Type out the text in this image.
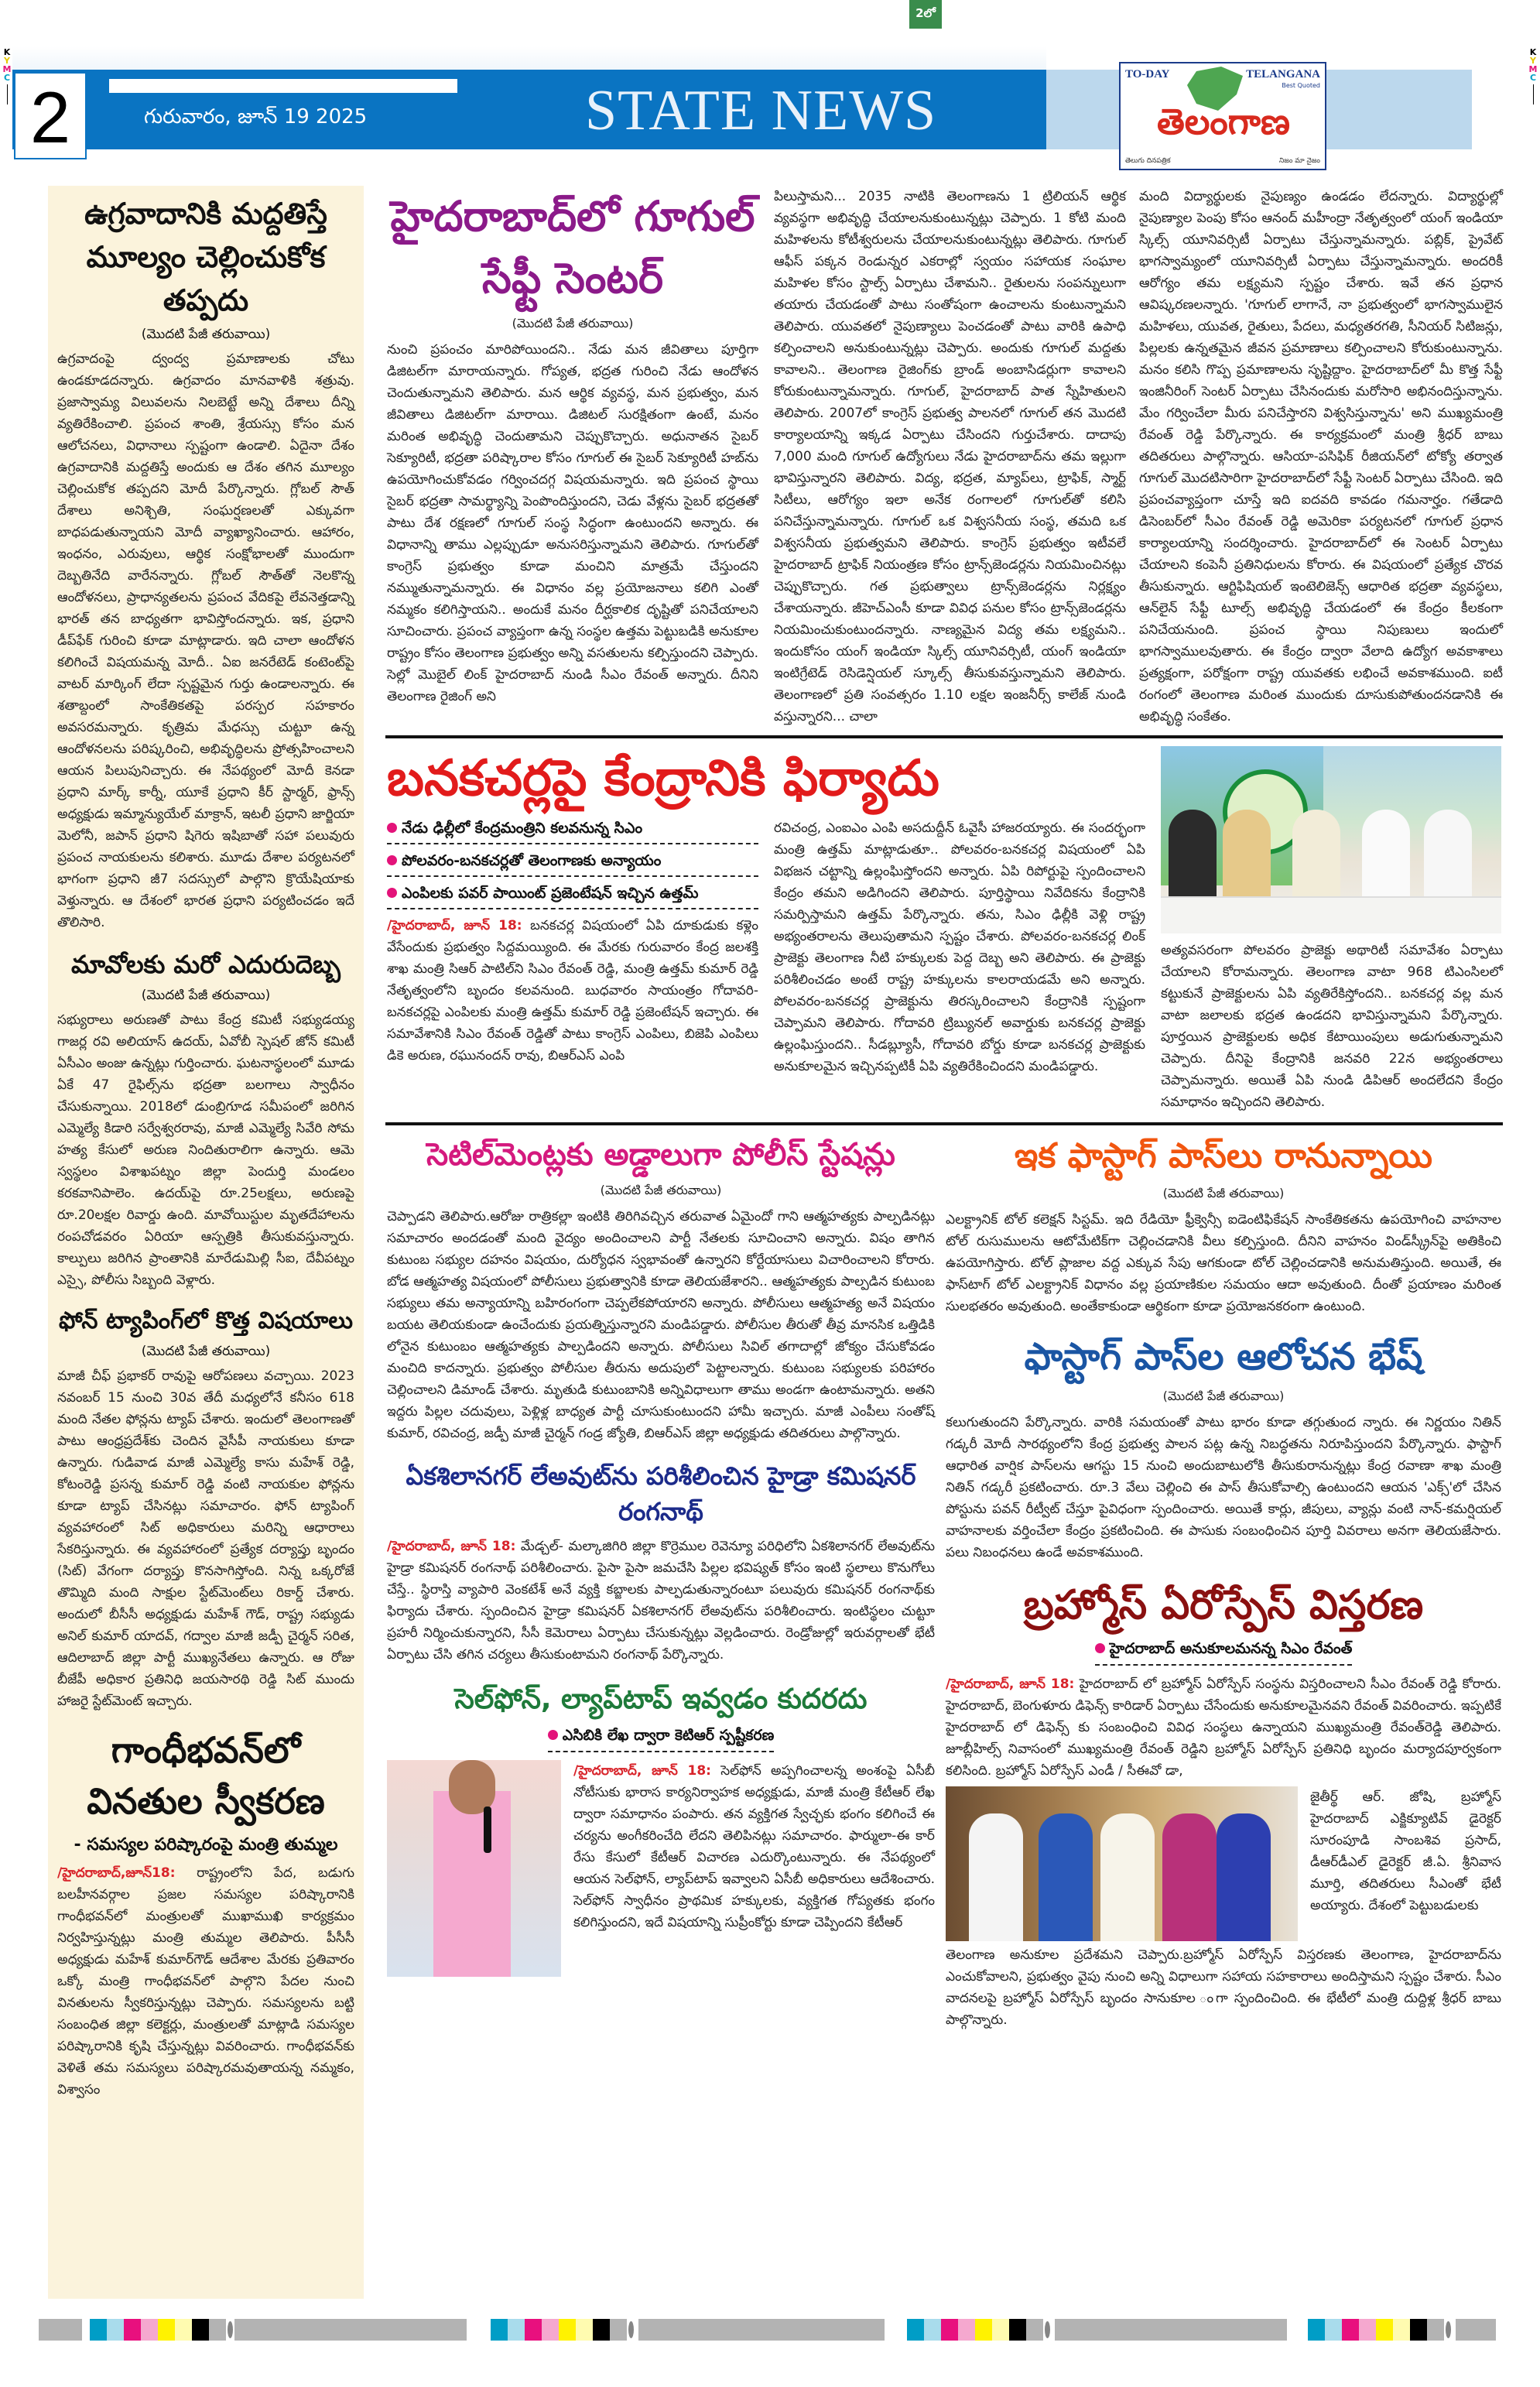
2లో
K
Y
M
C
K
Y
M
C
2	గురువారం, జూన్ 19 2025	STATE NEWS
TO-DAY	TELANGANA
Best Quoted
తెలంగాణ
తెలుగు దినపత్రిక	నిజం మా నైజం
ఉగ్రవాదానికి మద్దతిస్తే మూల్యం చెల్లించుకోక తప్పదు
(మొదటి పేజీ తరువాయి)

ఉగ్రవాదంపై ద్వంద్వ ప్రమాణాలకు చోటు ఉండకూడదన్నారు. ఉగ్రవాదం మానవాళికి శత్రువు. ప్రజాస్వామ్య విలువలను నిలబెట్టే అన్ని దేశాలు దీన్ని వ్యతిరేకించాలి. ప్రపంచ శాంతి, శ్రేయస్సు కోసం మన ఆలోచనలు, విధానాలు స్పష్టంగా ఉండాలి. ఏదైనా దేశం ఉగ్రవాదానికి మద్దతిస్తే అందుకు ఆ దేశం తగిన మూల్యం చెల్లించుకోక తప్పదని మోదీ పేర్కొన్నారు. గ్లోబల్ సౌత్ దేశాలు అనిశ్చితి, సంఘర్షణలతో ఎక్కువగా బాధపడుతున్నాయని మోదీ వ్యాఖ్యానించారు. ఆహారం, ఇంధనం, ఎరువులు, ఆర్థిక సంక్షోభాలతో ముందుగా దెబ్బతినేది వారేనన్నారు. గ్లోబల్ సౌత్‌తో నెలకొన్న ఆందోళనలు, ప్రాధాన్యతలను ప్రపంచ వేదికపై లేవనెత్తడాన్ని భారత్ తన బాధ్యతగా భావిస్తోందన్నారు. ఇక, ప్రధాని డీప్‌ఫేక్ గురించి కూడా మాట్లాడారు. ఇది చాలా ఆందోళన కలిగించే విషయమన్న మోదీ.. ఏఐ జనరేటెడ్ కంటెంట్‌పై వాటర్ మార్కింగ్ లేదా స్పష్టమైన గుర్తు ఉండాలన్నారు. ఈ శతాబ్దంలో సాంకేతికతపై పరస్పర సహకారం అవసరమన్నారు. కృత్రిమ మేధస్సు చుట్టూ ఉన్న ఆందోళనలను పరిష్కరించి, అభివృద్ధిలను ప్రోత్సహించాలని ఆయన పిలుపునిచ్చారు. ఈ నేపథ్యంలో మోదీ కెనడా ప్రధాని మార్క్ కార్నీ, యూకే ప్రధాని కీర్ స్టార్మర్, ఫ్రాన్స్ అధ్యక్షుడు ఇమ్మాన్యుయేల్ మాక్రాన్, ఇటలీ ప్రధాని జార్జియా మెలోనీ, జపాన్ ప్రధాని షిగెరు ఇషిబాతో సహా పలువురు ప్రపంచ నాయకులను కలిశారు. మూడు దేశాల పర్యటనలో భాగంగా ప్రధాని జీ7 సదస్సులో పాల్గొని క్రొయేషియాకు వెళ్తున్నారు. ఆ దేశంలో భారత ప్రధాని పర్యటించడం ఇదే తొలిసారి.

మావోలకు మరో ఎదురుదెబ్బ
(మొదటి పేజీ తరువాయి)

సభ్యురాలు అరుణతో పాటు కేంద్ర కమిటీ సభ్యుడయ్య గాజర్ల రవి అలియాస్ ఉదయ్, ఏవోబీ స్పెషల్ జోన్ కమిటీ ఏసీఎం అంజు ఉన్నట్లు గుర్తించారు. ఘటనాస్థలంలో మూడు ఏకే 47 రైఫిల్స్‌ను భద్రతా బలగాలు స్వాధీనం చేసుకున్నాయి. 2018లో డుంబ్రిగూడ సమీపంలో జరిగిన ఎమ్మెల్యే కిడారి సర్వేశ్వరరావు, మాజీ ఎమ్మెల్యే సివేరి సోమ హత్య కేసులో అరుణ నిందితురాలిగా ఉన్నారు. ఆమె స్వస్థలం విశాఖపట్నం జిల్లా పెందుర్తి మండలం కరకవానిపాలెం. ఉదయ్‌పై రూ.25లక్షలు, అరుణపై రూ.20లక్షల రివార్డు ఉంది. మావోయిస్టుల మృతదేహాలను రంపచోడవరం ఏరియా ఆస్పత్రికి తీసుకువస్తున్నారు. కాల్పులు జరిగిన ప్రాంతానికి మారేడుమిల్లి సీఐ, దేవీపట్నం ఎస్సై, పోలీసు సిబ్బంది వెళ్లారు.

ఫోన్ ట్యాపింగ్‌లో కొత్త విషయాలు
(మొదటి పేజీ తరువాయి)

మాజీ చీఫ్ ప్రభాకర్ రావుపై ఆరోపణలు వచ్చాయి. 2023 నవంబర్ 15 నుంచి 30వ తేదీ మధ్యలోనే కనీసం 618 మంది నేతల ఫోన్లను ట్యాప్ చేశారు. ఇందులో తెలంగాణతో పాటు ఆంధ్రప్రదేశ్‌కు చెందిన వైసీపీ నాయకులు కూడా ఉన్నారు. గుడివాడ మాజీ ఎమ్మెల్యే కాసు మహేశ్ రెడ్డి, కోటంరెడ్డి ప్రసన్న కుమార్ రెడ్డి వంటి నాయకుల ఫోన్లను కూడా ట్యాప్ చేసినట్లు సమాచారం. ఫోన్ ట్యాపింగ్ వ్యవహారంలో సిట్ అధికారులు మరిన్ని ఆధారాలు సేకరిస్తున్నారు. ఈ వ్యవహారంలో ప్రత్యేక దర్యాప్తు బృందం (సిట్) వేగంగా దర్యాప్తు కొనసాగిస్తోంది. నిన్న ఒక్కరోజే తొమ్మిది మంది సాక్షుల స్టేట్‌మెంట్‌లు రికార్డ్ చేశారు. అందులో బీసీసీ అధ్యక్షుడు మహేశ్ గౌడ్, రాష్ట్ర సభ్యుడు అనిల్ కుమార్ యాదవ్, గద్వాల మాజీ జడ్పీ చైర్మన్ సరిత, ఆదిలాబాద్ జిల్లా పార్టీ ముఖ్యనేతలు ఉన్నారు. ఆ రోజు బీజేపీ అధికార ప్రతినిధి జయసారథి రెడ్డి సిట్ ముందు హాజరై స్టేట్‌మెంట్ ఇచ్చారు.

గాంధీభవన్‌లో వినతుల స్వీకరణ
- సమస్యల పరిష్కారంపై మంత్రి తుమ్మల

/హైదరాబాద్,జూన్18: రాష్ట్రంలోని పేద, బడుగు బలహీనవర్గాల ప్రజల సమస్యల పరిష్కారానికి గాంధీభవన్‌లో మంత్రులతో ముఖాముఖి కార్యక్రమం నిర్వహిస్తున్నట్లు మంత్రి తుమ్మల తెలిపారు. పీసీసీ అధ్యక్షుడు మహేశ్ కుమార్‌గౌడ్ ఆదేశాల మేరకు ప్రతివారం ఒక్కో మంత్రి గాంధీభవన్‌లో పాల్గొని పేదల నుంచి వినతులను స్వీకరిస్తున్నట్లు చెప్పారు. సమస్యలను బట్టి సంబంధిత జిల్లా కలెక్టర్లు, మంత్రులతో మాట్లాడి సమస్యల పరిష్కారానికి కృషి చేస్తున్నట్లు వివరించారు. గాంధీభవన్‌కు వెళితే తమ సమస్యలు పరిష్కారమవుతాయన్న నమ్మకం, విశ్వాసం

హైదరాబాద్‌లో గూగుల్ సేఫ్టీ సెంటర్
(మొదటి పేజీ తరువాయి)

నుంచి ప్రపంచం మారిపోయిందని.. నేడు మన జీవితాలు పూర్తిగా డిజిటల్‌గా మారాయన్నారు. గోప్యత, భద్రత గురించి నేడు ఆందోళన చెందుతున్నామని తెలిపారు. మన ఆర్థిక వ్యవస్థ, మన ప్రభుత్వం, మన జీవితాలు డిజిటల్‌గా మారాయి. డిజిటల్ సురక్షితంగా ఉంటే, మనం మరింత అభివృద్ధి చెందుతామని చెప్పుకొచ్చారు. అధునాతన సైబర్ సెక్యూరిటీ, భద్రతా పరిష్కారాల కోసం గూగుల్ ఈ సైబర్ సెక్యూరిటీ హబ్‌ను ఉపయోగించుకోవడం గర్వించదగ్గ విషయమన్నారు. ఇది ప్రపంచ స్థాయి సైబర్ భద్రతా సామర్థ్యాన్ని పెంపొందిస్తుందని, చెడు వేళ్లను సైబర్ భద్రతతో పాటు దేశ రక్షణలో గూగుల్ సంస్థ సిద్ధంగా ఉంటుందని అన్నారు. ఈ విధానాన్ని తాము ఎల్లప్పుడూ అనుసరిస్తున్నామని తెలిపారు. గూగుల్‌తో కాంగ్రెస్ ప్రభుత్వం కూడా మంచిని మాత్రమే చేస్తుందని నమ్ముతున్నామన్నారు. ఈ విధానం వల్ల ప్రయోజనాలు కలిగి ఎంతో నమ్మకం కలిగిస్తాయని.. అందుకే మనం దీర్ఘకాలిక దృష్టితో పనిచేయాలని సూచించారు. ప్రపంచ వ్యాప్తంగా ఉన్న సంస్థల ఉత్తమ పెట్టుబడికి అనుకూల రాష్ట్రం కోసం తెలంగాణ ప్రభుత్వం అన్ని వసతులను కల్పిస్తుందని చెప్పారు. సెల్లో మొబైల్ లింక్ హైదరాబాద్ నుండి సీఎం రేవంత్ అన్నారు. దీనిని తెలంగాణ రైజింగ్ అని

పిలుస్తామని... 2035 నాటికి తెలంగాణను 1 ట్రిలియన్ ఆర్థిక వ్యవస్థగా అభివృద్ధి చేయాలనుకుంటున్నట్లు చెప్పారు. 1 కోటి మంది మహిళలను కోటీశ్వరులను చేయాలనుకుంటున్నట్లు తెలిపారు. గూగుల్ ఆఫీస్ పక్కన రెండున్నర ఎకరాల్లో స్వయం సహాయక సంఘాల మహిళల కోసం స్టాల్స్ ఏర్పాటు చేశామని.. రైతులను సంపన్నులుగా తయారు చేయడంతో పాటు సంతోషంగా ఉంచాలను కుంటున్నామని తెలిపారు. యువతలో నైపుణ్యాలు పెంచడంతో పాటు వారికి ఉపాధి కల్పించాలని అనుకుంటున్నట్లు చెప్పారు. అందుకు గూగుల్ మద్దతు కావాలని.. తెలంగాణ రైజింగ్‌కు బ్రాండ్ అంబాసిడర్లుగా కావాలని కోరుకుంటున్నామన్నారు. గూగుల్, హైదరాబాద్ పాత స్నేహితులని తెలిపారు. 2007లో కాంగ్రెస్ ప్రభుత్వ పాలనలో గూగుల్ తన మొదటి కార్యాలయాన్ని ఇక్కడ ఏర్పాటు చేసిందని గుర్తుచేశారు. దాదాపు 7,000 మంది గూగుల్ ఉద్యోగులు నేడు హైదరాబాద్‌ను తమ ఇల్లుగా భావిస్తున్నారని తెలిపారు. విద్య, భద్రత, మ్యాప్‌లు, ట్రాఫిక్, స్మార్ట్ సిటీలు, ఆరోగ్యం ఇలా అనేక రంగాలలో గూగుల్‌తో కలిసి పనిచేస్తున్నామన్నారు. గూగుల్ ఒక విశ్వసనీయ సంస్థ, తమది ఒక విశ్వసనీయ ప్రభుత్వమని తెలిపారు. కాంగ్రెస్ ప్రభుత్వం ఇటీవలే హైదరాబాద్ ట్రాఫిక్ నియంత్రణ కోసం ట్రాన్స్‌జెండర్లను నియమించినట్లు చెప్పుకొచ్చారు. గత ప్రభుత్వాలు ట్రాన్స్‌జెండర్లను నిర్లక్ష్యం చేశాయన్నారు. జీహెచ్ఎంసీ కూడా వివిధ పనుల కోసం ట్రాన్స్‌జెండర్లను నియమించుకుంటుందన్నారు. నాణ్యమైన విద్య తమ లక్ష్యమని.. ఇందుకోసం యంగ్ ఇండియా స్కిల్స్ యూనివర్సిటీ, యంగ్ ఇండియా ఇంటిగ్రేటెడ్ రెసిడెన్షియల్ స్కూల్స్ తీసుకువస్తున్నామని తెలిపారు. తెలంగాణలో ప్రతి సంవత్సరం 1.10 లక్షల ఇంజనీర్స్ కాలేజ్ నుండి వస్తున్నారని... చాలా

మంది విద్యార్థులకు నైపుణ్యం ఉండడం లేదన్నారు. విద్యార్థుల్లో నైపుణ్యాల పెంపు కోసం ఆనంద్ మహీంద్రా నేతృత్వంలో యంగ్ ఇండియా స్కిల్స్ యూనివర్సిటీ ఏర్పాటు చేస్తున్నామన్నారు. పబ్లిక్, ప్రైవేట్ భాగస్వామ్యంలో యూనివర్సిటీ ఏర్పాటు చేస్తున్నామన్నారు. అందరికీ ఆరోగ్యం తమ లక్ష్యమని స్పష్టం చేశారు. ఇవే తన ప్రధాన ఆవిష్కరణలన్నారు. 'గూగుల్ లాగానే, నా ప్రభుత్వంలో భాగస్వాములైన మహిళలు, యువత, రైతులు, పేదలు, మధ్యతరగతి, సీనియర్ సిటిజన్లు, పిల్లలకు ఉన్నతమైన జీవన ప్రమాణాలు కల్పించాలని కోరుకుంటున్నాను. మనం కలిసి గొప్ప ప్రమాణాలను సృష్టిద్దాం. హైదరాబాద్‌లో మీ కొత్త సేఫ్టీ ఇంజినీరింగ్ సెంటర్ ఏర్పాటు చేసినందుకు మరోసారి అభినందిస్తున్నాను. మేం గర్వించేలా మీరు పనిచేస్తారని విశ్వసిస్తున్నాను' అని ముఖ్యమంత్రి రేవంత్ రెడ్డి పేర్కొన్నారు. ఈ కార్యక్రమంలో మంత్రి శ్రీధర్ బాబు తదితరులు పాల్గొన్నారు. ఆసియా-పసిఫిక్ రీజియన్‌లో టోక్యో తర్వాత గూగుల్ మొదటిసారిగా హైదరాబాద్‌లో సేఫ్టీ సెంటర్ ఏర్పాటు చేసింది. ఇది ప్రపంచవ్యాప్తంగా చూస్తే ఇది ఐదవది కావడం గమనార్హం. గతేడాది డిసెంబర్‌లో సీఎం రేవంత్ రెడ్డి అమెరికా పర్యటనలో గూగుల్ ప్రధాన కార్యాలయాన్ని సందర్శించారు. హైదరాబాద్‌లో ఈ సెంటర్ ఏర్పాటు చేయాలని కంపెనీ ప్రతినిధులను కోరారు. ఈ విషయంలో ప్రత్యేక చొరవ తీసుకున్నారు. ఆర్టిఫిషియల్ ఇంటెలిజెన్స్ ఆధారిత భద్రతా వ్యవస్థలు, ఆన్‌లైన్ సేఫ్టీ టూల్స్ అభివృద్ధి చేయడంలో ఈ కేంద్రం కీలకంగా పనిచేయనుంది. ప్రపంచ స్థాయి నిపుణులు ఇందులో భాగస్వాములవుతారు. ఈ కేంద్రం ద్వారా వేలాది ఉద్యోగ అవకాశాలు ప్రత్యక్షంగా, పరోక్షంగా రాష్ట్ర యువతకు లభించే అవకాశముంది. ఐటీ రంగంలో తెలంగాణ మరింత ముందుకు దూసుకుపోతుందనడానికి ఈ అభివృద్ధి సంకేతం.

బనకచర్లపై కేంద్రానికి ఫిర్యాదు
నేడు ఢిల్లీలో కేంద్రమంత్రిని కలవనున్న సిఎం
పోలవరం-బనకచర్లతో తెలంగాణకు అన్యాయం
ఎంపిలకు పవర్ పాయింట్ ప్రజెంటేషన్ ఇచ్చిన ఉత్తమ్

/హైదరాబాద్, జూన్ 18: బనకచర్ల విషయంలో ఏపి దూకుడుకు కళ్లెం వేసేందుకు ప్రభుత్వం సిద్దమయ్యింది. ఈ మేరకు గురువారం కేంద్ర జలశక్తి శాఖ మంత్రి సిఆర్ పాటిల్‌ని సిఎం రేవంత్ రెడ్డి, మంత్రి ఉత్తమ్ కుమార్ రెడ్డి నేతృత్వంలోని బృందం కలవనుంది. బుధవారం సాయంత్రం గోదావరి-బనకచర్లపై ఎంపిలకు మంత్రి ఉత్తమ్ కుమార్ రెడ్డి ప్రజెంటేషన్ ఇచ్చారు. ఈ సమావేశానికి సిఎం రేవంత్ రెడ్డితో పాటు కాంగ్రెస్ ఎంపిలు, బిజెపి ఎంపిలు డికె అరుణ, రఘునందన్ రావు, బిఆర్ఎస్ ఎంపి

రవిచంద్ర, ఎంఐఎం ఎంపి అసదుద్దీన్ ఓవైసీ హాజరయ్యారు. ఈ సందర్భంగా మంత్రి ఉత్తమ్ మాట్లాడుతూ.. పోలవరం-బనకచర్ల విషయంలో ఏపి విభజన చట్టాన్ని ఉల్లంఘిస్తోందని అన్నారు. ఏపి రిపోర్టుపై స్పందించాలని కేంద్రం తమని అడిగిందని తెలిపారు. పూర్తిస్థాయి నివేదికను కేంద్రానికి సమర్పిస్తామని ఉత్తమ్ పేర్కొన్నారు. తను, సిఎం ఢిల్లీకి వెళ్లి రాష్ట్ర అభ్యంతరాలను తెలుపుతామని స్పష్టం చేశారు. పోలవరం-బనకచర్ల లింక్ ప్రాజెక్టు తెలంగాణ నీటి హక్కులకు పెద్ద దెబ్బ అని తెలిపారు. ఈ ప్రాజెక్టు పరిశీలించడం అంటే రాష్ట్ర హక్కులను కాలరాయడమే అని అన్నారు. పోలవరం-బనకచర్ల ప్రాజెక్టును తిరస్కరించాలని కేంద్రానికి స్పష్టంగా చెప్పామని తెలిపారు. గోదావరి ట్రిబ్యునల్ అవార్డుకు బనకచర్ల ప్రాజెక్టు ఉల్లంఘిస్తుందని.. సీడబ్ల్యూసీ, గోదావరి బోర్డు కూడా బనకచర్ల ప్రాజెక్టుకు అనుకూలమైన ఇచ్చినప్పటికీ ఏపి వ్యతిరేకించిందని మండిపడ్డారు.

అత్యవసరంగా పోలవరం ప్రాజెక్టు అథారిటీ సమావేశం ఏర్పాటు చేయాలని కోరామన్నారు. తెలంగాణ వాటా 968 టిఎంసిలలో కట్టుకునే ప్రాజెక్టులను ఏపి వ్యతిరేకిస్తోందని.. బనకచర్ల వల్ల మన వాటా జలాలకు భద్రత ఉండదని భావిస్తున్నామని పేర్కొన్నారు. పూర్తయిన ప్రాజెక్టులకు అధిక కేటాయింపులు అడుగుతున్నామని చెప్పారు. దీనిపై కేంద్రానికి జనవరి 22న అభ్యంతరాలు చెప్పామన్నారు. అయితే ఏపి నుండి డిపిఆర్ అందలేదని కేంద్రం సమాధానం ఇచ్చిందని తెలిపారు.

సెటిల్‌మెంట్లకు అడ్డాలుగా పోలీస్ స్టేషన్లు
(మొదటి పేజీ తరువాయి)

చెప్పాడని తెలిపారు.ఆరోజు రాత్రికల్లా ఇంటికి తిరిగివచ్చిన తరువాత ఏమైందో గాని ఆత్మహత్యకు పాల్పడినట్లు సమాచారం అందడంతో మంది వైద్యం అందించాలని పార్టీ నేతలకు సూచించాని అన్నారు. విషం తాగిన కుటుంబ సభ్యుల దహనం విషయం, దుర్యోధన స్వభావంతో ఉన్నారని కోర్టేయాసులు విచారించాలని కోరారు. బోడ ఆత్మహత్య విషయంలో పోలీసులు ప్రభుత్వానికి కూడా తెలియజేశారని.. ఆత్మహత్యకు పాల్పడిన కుటుంబ సభ్యులు తమ అన్యాయాన్ని బహిరంగంగా చెప్పలేకపోయారని అన్నారు. పోలీసులు ఆత్మహత్య అనే విషయం బయట తెలియకుండా ఉంచేందుకు ప్రయత్నిస్తున్నారని మండిపడ్డారు. పోలీసుల తీరుతో తీవ్ర మానసిక ఒత్తిడికి లోనైన కుటుంబం ఆత్మహత్యకు పాల్పడిందని అన్నారు. పోలీసులు సివిల్ తగాదాల్లో జోక్యం చేసుకోవడం మంచిది కాదన్నారు. ప్రభుత్వం పోలీసుల తీరును అదుపులో పెట్టాలన్నారు. కుటుంబ సభ్యులకు పరిహారం చెల్లించాలని డిమాండ్ చేశారు. మృతుడి కుటుంబానికి అన్నివిధాలుగా తాము అండగా ఉంటామన్నారు. అతని ఇద్దరు పిల్లల చదువులు, పెళ్లిళ్ల బాధ్యత పార్టీ చూసుకుంటుందని హామీ ఇచ్చారు. మాజీ ఎంపీలు సంతోష్ కుమార్, రవిచంద్ర, జడ్పీ మాజీ చైర్మన్ గండ్ర జ్యోతి, బిఆర్ఎస్ జిల్లా అధ్యక్షుడు తదితరులు పాల్గొన్నారు.

ఏకశిలానగర్ లేఅవుట్‌ను పరిశీలించిన హైడ్రా కమిషనర్ రంగనాథ్

/హైదరాబాద్, జూన్ 18: మేడ్చల్- మల్కాజిగిరి జిల్లా కొర్రెముల రెవెన్యూ పరిధిలోని ఏకశిలానగర్ లేఅవుట్‌ను హైడ్రా కమిషనర్ రంగనాథ్ పరిశీలించారు. పైసా పైసా జమచేసి పిల్లల భవిష్యత్ కోసం ఇంటి స్థలాలు కొనుగోలు చేస్తే.. స్థిరాస్తి వ్యాపారి వెంకటేశ్ అనే వ్యక్తి కబ్జాలకు పాల్పడుతున్నారంటూ పలువురు కమిషనర్ రంగనాథ్‌కు ఫిర్యాదు చేశారు. స్పందించిన హైడ్రా కమిషనర్ ఏకశిలానగర్ లేఅవుట్‌ను పరిశీలించారు. ఇంటిస్థలం చుట్టూ ప్రహరీ నిర్మించుకున్నారని, సీసీ కెమెరాలు ఏర్పాటు చేసుకున్నట్లు వెల్లడించారు. రెండ్రోజుల్లో ఇరువర్గాలతో భేటీ ఏర్పాటు చేసి తగిన చర్యలు తీసుకుంటామని రంగనాథ్ పేర్కొన్నారు.

సెల్‌ఫోన్, ల్యాప్‌టాప్ ఇవ్వడం కుదరదు
ఎసిబికి లేఖ ద్వారా కెటిఆర్ స్పష్టీకరణ

/హైదరాబాద్, జూన్ 18: సెల్‌ఫోన్ అప్పగించాలన్న అంశంపై ఏసీబీ నోటీసుకు భారాస కార్యనిర్వాహక అధ్యక్షుడు, మాజీ మంత్రి కేటీఆర్ లేఖ ద్వారా సమాధానం పంపారు. తన వ్యక్తిగత స్వేచ్ఛకు భంగం కలిగించే ఈ చర్యను అంగీకరించేది లేదని తెలిపినట్లు సమాచారం. ఫార్ములా-ఈ కార్ రేసు కేసులో కేటీఆర్ విచారణ ఎదుర్కొంటున్నారు. ఈ నేపథ్యంలో ఆయన సెల్‌ఫోన్, ల్యాప్‌టాప్ ఇవ్వాలని ఏసీబీ అధికారులు ఆదేశించారు. సెల్‌ఫోన్ స్వాధీనం ప్రాథమిక హక్కులకు, వ్యక్తిగత గోప్యతకు భంగం కలిగిస్తుందని, ఇదే విషయాన్ని సుప్రీంకోర్టు కూడా చెప్పిందని కేటీఆర్

ఇక ఫాస్టాగ్ పాస్‌లు రానున్నాయి
(మొదటి పేజీ తరువాయి)

ఎలక్ట్రానిక్ టోల్ కలెక్షన్ సిస్టమ్. ఇది రేడియో ఫ్రీక్వెన్సీ ఐడెంటిఫికేషన్ సాంకేతికతను ఉపయోగించి వాహనాల టోల్ రుసుములను ఆటోమేటిక్‌గా చెల్లించడానికి వీలు కల్పిస్తుంది. దీనిని వాహనం విండ్‌స్క్రీన్‌పై అతికించి ఉపయోగిస్తారు. టోల్ ప్లాజాల వద్ద ఎక్కువ సేపు ఆగకుండా టోల్ చెల్లించడానికి అనుమతిస్తుంది. అయితే, ఈ ఫాస్‌టాగ్ టోల్ ఎలక్ట్రానిక్ విధానం వల్ల ప్రయాణికుల సమయం ఆదా అవుతుంది. దీంతో ప్రయాణం మరింత సులభతరం అవుతుంది. అంతేకాకుండా ఆర్థికంగా కూడా ప్రయోజనకరంగా ఉంటుంది.

ఫాస్టాగ్ పాస్‌ల ఆలోచన భేష్
(మొదటి పేజీ తరువాయి)

కలుగుతుందని పేర్కొన్నారు. వారికి సమయంతో పాటు భారం కూడా తగ్గుతుంద న్నారు. ఈ నిర్ణయం నితిన్ గడ్కరీ మోదీ సారథ్యంలోని కేంద్ర ప్రభుత్వ పాలన పట్ల ఉన్న నిబద్ధతను నిరూపిస్తుందని పేర్కొన్నారు. ఫాస్టాగ్ ఆధారిత వార్షిక పాస్‌లను ఆగస్టు 15 నుంచి అందుబాటులోకి తీసుకురానున్నట్లు కేంద్ర రవాణా శాఖ మంత్రి నితిన్ గడ్కరీ ప్రకటించారు. రూ.3 వేలు చెల్లించి ఈ పాస్ తీసుకోవాల్సి ఉంటుందని ఆయన 'ఎక్స్'లో చేసిన పోస్టును పవన్ రీట్వీట్ చేస్తూ పైవిధంగా స్పందించారు. అయితే కార్లు, జీపులు, వ్యాన్లు వంటి నాన్-కమర్షియల్ వాహనాలకు వర్తించేలా కేంద్రం ప్రకటించింది. ఈ పాసుకు సంబంధించిన పూర్తి వివరాలు అనగా తెలియజేసారు. పలు నిబంధనలు ఉండే అవకాశముంది.

బ్రహ్మోస్ ఏరోస్పేస్ విస్తరణ
హైదరాబాద్ అనుకూలమనన్న సిఎం రేవంత్

/హైదరాబాద్, జూన్ 18: హైదరాబాద్ లో బ్రహ్మోస్ ఏరోస్పేస్ సంస్థను విస్తరించాలని సీఎం రేవంత్ రెడ్డి కోరారు. హైదరాబాద్, బెంగుళూరు డిఫెన్స్ కారిడార్ ఏర్పాటు చేసేందుకు అనుకూలమైనవని రేవంత్ వివరించారు. ఇప్పటికే హైదరాబాద్ లో డిఫెన్స్ కు సంబంధించి వివిధ సంస్థలు ఉన్నాయని ముఖ్యమంత్రి రేవంత్‌రెడ్డి తెలిపారు. జూబ్లీహిల్స్ నివాసంలో ముఖ్యమంత్రి రేవంత్ రెడ్డిని బ్రహ్మోస్ ఏరోస్పేస్ ప్రతినిధి బృందం మర్యాదపూర్వకంగా కలిసింది. బ్రహ్మోస్ ఏరోస్పేస్ ఎండీ / సీఈవో డా,

జైతీర్థ్ ఆర్. జోషి, బ్రహ్మోస్ హైదరాబాద్ ఎక్జిక్యూటివ్ డైరెక్టర్ సూరంపూడి సాంబశివ ప్రసాద్, డీఆర్‌డీఎల్ డైరెక్టర్ జీ.ఏ. శ్రీనివాస మూర్తి, తదితరులు సీఎంతో భేటీ అయ్యారు. దేశంలో పెట్టుబడులకు

తెలంగాణ అనుకూల ప్రదేశమని చెప్పారు.బ్రహ్మోస్ ఏరోస్పేస్ విస్తరణకు తెలంగాణ, హైదరాబాద్‌ను ఎంచుకోవాలని, ప్రభుత్వం వైపు నుంచి అన్ని విధాలుగా సహాయ సహకారాలు అందిస్తామని స్పష్టం చేశారు. సీఎం వాదనలపై బ్రహ్మోస్ ఏరోస్పేస్ బృందం సానుకూల ంగా స్పందించింది. ఈ భేటీలో మంత్రి దుద్దిళ్ల శ్రీధర్ బాబు పాల్గొన్నారు.
